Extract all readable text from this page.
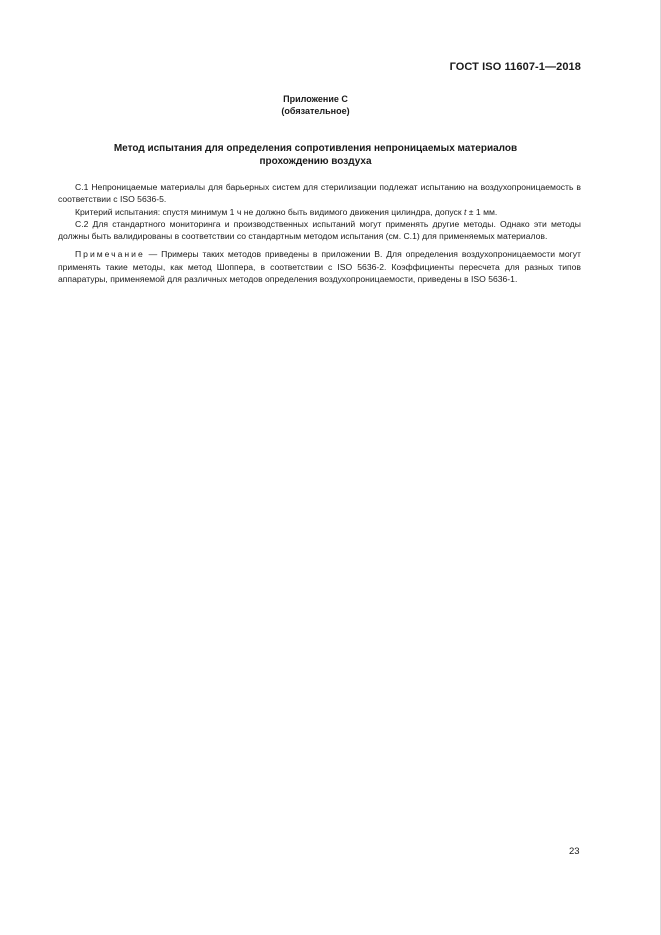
ГОСТ ISO 11607-1—2018
Приложение С
(обязательное)
Метод испытания для определения сопротивления непроницаемых материалов
прохождению воздуха

С.1 Непроницаемые материалы для барьерных систем для стерилизации подлежат испытанию на воздухопроницаемость в соответствии с ISO 5636-5.

Критерий испытания: спустя минимум 1 ч не должно быть видимого движения цилиндра, допуск t ± 1 мм.

С.2 Для стандартного мониторинга и производственных испытаний могут применять другие методы. Однако эти методы должны быть валидированы в соответствии со стандартным методом испытания (см. С.1) для применяемых материалов.

Примечание — Примеры таких методов приведены в приложении В. Для определения воздухопроницаемости могут применять такие методы, как метод Шоппера, в соответствии с ISO 5636-2. Коэффициенты пересчета для разных типов аппаратуры, применяемой для различных методов определения воздухопроницаемости, приведены в ISO 5636-1.

23
